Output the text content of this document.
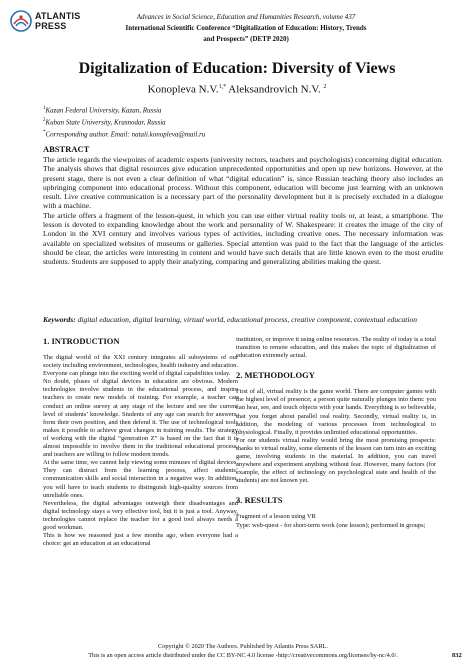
ATLANTIS
PRESS
Advances in Social Science, Education and Humanities Research, volume 437
International Scientific Conference “Digitalization of Education: History, Trends
and Prospects” (DETP 2020)
Digitalization of Education: Diversity of Views
Konopleva N.V.$^{1,*}$ Aleksandrovich N.V. $^2$
$^1$Kazan Federal University, Kazan, Russia
$^2$Kuban State University, Krasnodar, Russia
*Corresponding author. Email: natali.konopleva@mail.ru
ABSTRACT

The article regards the viewpoints of academic experts (university rectors, teachers and psychologists) concerning digital education. The analysis shows that digital resources give education unprecedented opportunities and open up new horizons. However, at the present stage, there is not even a clear definition of what “digital education” is, since Russian teaching theory also includes an upbringing component into educational process. Without this component, education will become just learning with an unknown result. Live creative communication is a necessary part of the personality development but it is precisely excluded in a dialogue with a machine.

The article offers a fragment of the lesson-quest, in which you can use either virtual reality tools or, at least, a smartphone. The lesson is devoted to expanding knowledge about the work and personality of W. Shakespeare: it creates the image of the city of London in the XVI century and involves various types of activities, including creative ones. The necessary information was available on specialized websites of museums or galleries. Special attention was paid to the fact that the language of the articles should be clear, the articles were interesting in content and would have such details that are little known even to the most erudite students. Students are supposed to apply their analyzing, comparing and generalizing abilities making the quest.

Keywords: digital education, digital learning, virtual world, educational process, creative component, contextual education

1. INTRODUCTION

The digital world of the XXI century integrates all subsystems of our society including environment, technologies, health industry and education. Everyone can plunge into the exciting world of digital capabilities today.

No doubt, pluses of digital devices in education are obvious. Modern technologies involve students in the educational process, and inspire teachers to create new models of training. For example, a teacher can conduct an online survey at any stage of the lecture and see the current level of students’ knowledge. Students of any age can search for answers, form their own position, and then defend it. The use of technological tools makes it possible to achieve great changes in training results. The strategy of working with the digital “generation Z” is based on the fact that it is almost impossible to involve them in the traditional educational process, and teachers are willing to follow modern trends.

At the same time, we cannot help viewing some minuses of digital devices. They can distract from the learning process, affect students’ communication skills and social interaction in a negative way. In addition, you will have to teach students to distinguish high-quality sources from unreliable ones.

Nevertheless, the digital advantages outweigh their disadvantages and digital technology stays a very effective tool, but it is just a tool. Anyway, technologies cannot replace the teacher for a good tool always needs a good workman.

This is how we reasoned just a few months ago, when everyone had a choice: get an education at an educational

institution, or improve it using online resources. The reality of today is a total transition to remote education, and this makes the topic of digitalization of education extremely actual.

2. METHODOLOGY

First of all, virtual reality is the game world. There are computer games with the highest level of presence; a person quite naturally plunges into them: you can hear, see, and touch objects with your hands. Everything is so believable, that you forget about parallel real reality. Secondly, virtual reality is, in addition, the modeling of various processes from technological to physiological. Finally, it provides unlimited educational opportunities.

For our students virtual reality would bring the most promising prospects: thanks to virtual reality, some elements of the lesson can turn into an exciting game, involving students in the material. In addition, you can travel anywhere and experiment anything without fear. However, many factors (for example, the effect of technology on psychological state and health of the students) are not known yet.

3. RESULTS

Fragment of a lesson using VR

Type: web-quest - for short-term work (one lesson); performed in groups;

Copyright © 2020 The Authors. Published by Atlantis Press SARL.
This is an open access article distributed under the CC BY-NC 4.0 license -http://creativecommons.org/licenses/by-nc/4.0/.	832
